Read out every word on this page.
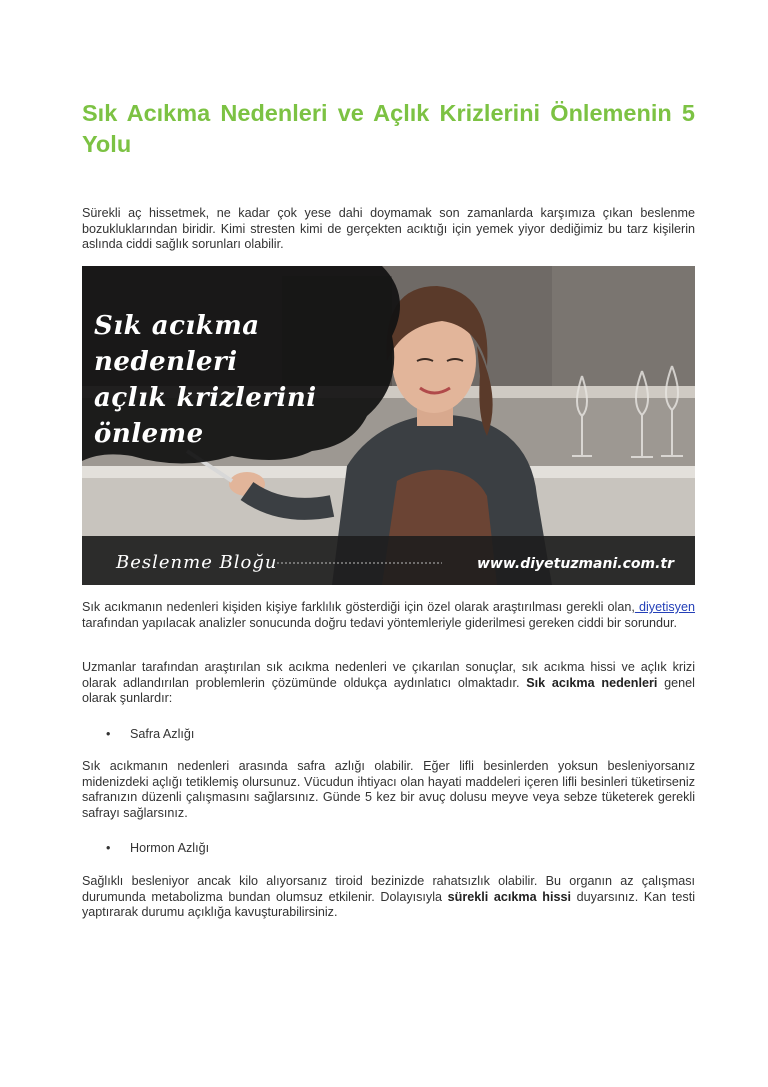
Sık Acıkma Nedenleri ve Açlık Krizlerini Önlemenin 5 Yolu

Sürekli aç hissetmek, ne kadar çok yese dahi doymamak son zamanlarda karşımıza çıkan beslenme bozukluklarından biridir. Kimi stresten kimi de gerçekten acıktığı için yemek yiyor dediğimiz bu tarz kişilerin aslında ciddi sağlık sorunları olabilir.

Sık acıkma nedenleri
açlık krizlerini önleme
Beslenme Bloğu	www.diyetuzmani.com.tr

Sık acıkmanın nedenleri kişiden kişiye farklılık gösterdiği için özel olarak araştırılması gerekli olan, diyetisyen tarafından yapılacak analizler sonucunda doğru tedavi yöntemleriyle giderilmesi gereken ciddi bir sorundur.

Uzmanlar tarafından araştırılan sık acıkma nedenleri ve çıkarılan sonuçlar, sık acıkma hissi ve açlık krizi olarak adlandırılan problemlerin çözümünde oldukça aydınlatıcı olmaktadır. Sık acıkma nedenleri genel olarak şunlardır:

• Safra Azlığı

Sık acıkmanın nedenleri arasında safra azlığı olabilir. Eğer lifli besinlerden yoksun besleniyorsanız midenizdeki açlığı tetiklemiş olursunuz. Vücudun ihtiyacı olan hayati maddeleri içeren lifli besinleri tüketirseniz safranızın düzenli çalışmasını sağlarsınız. Günde 5 kez bir avuç dolusu meyve veya sebze tüketerek gerekli safrayı sağlarsınız.

• Hormon Azlığı

Sağlıklı besleniyor ancak kilo alıyorsanız tiroid bezinizde rahatsızlık olabilir. Bu organın az çalışması durumunda metabolizma bundan olumsuz etkilenir. Dolayısıyla sürekli acıkma hissi duyarsınız. Kan testi yaptırarak durumu açıklığa kavuşturabilirsiniz.
